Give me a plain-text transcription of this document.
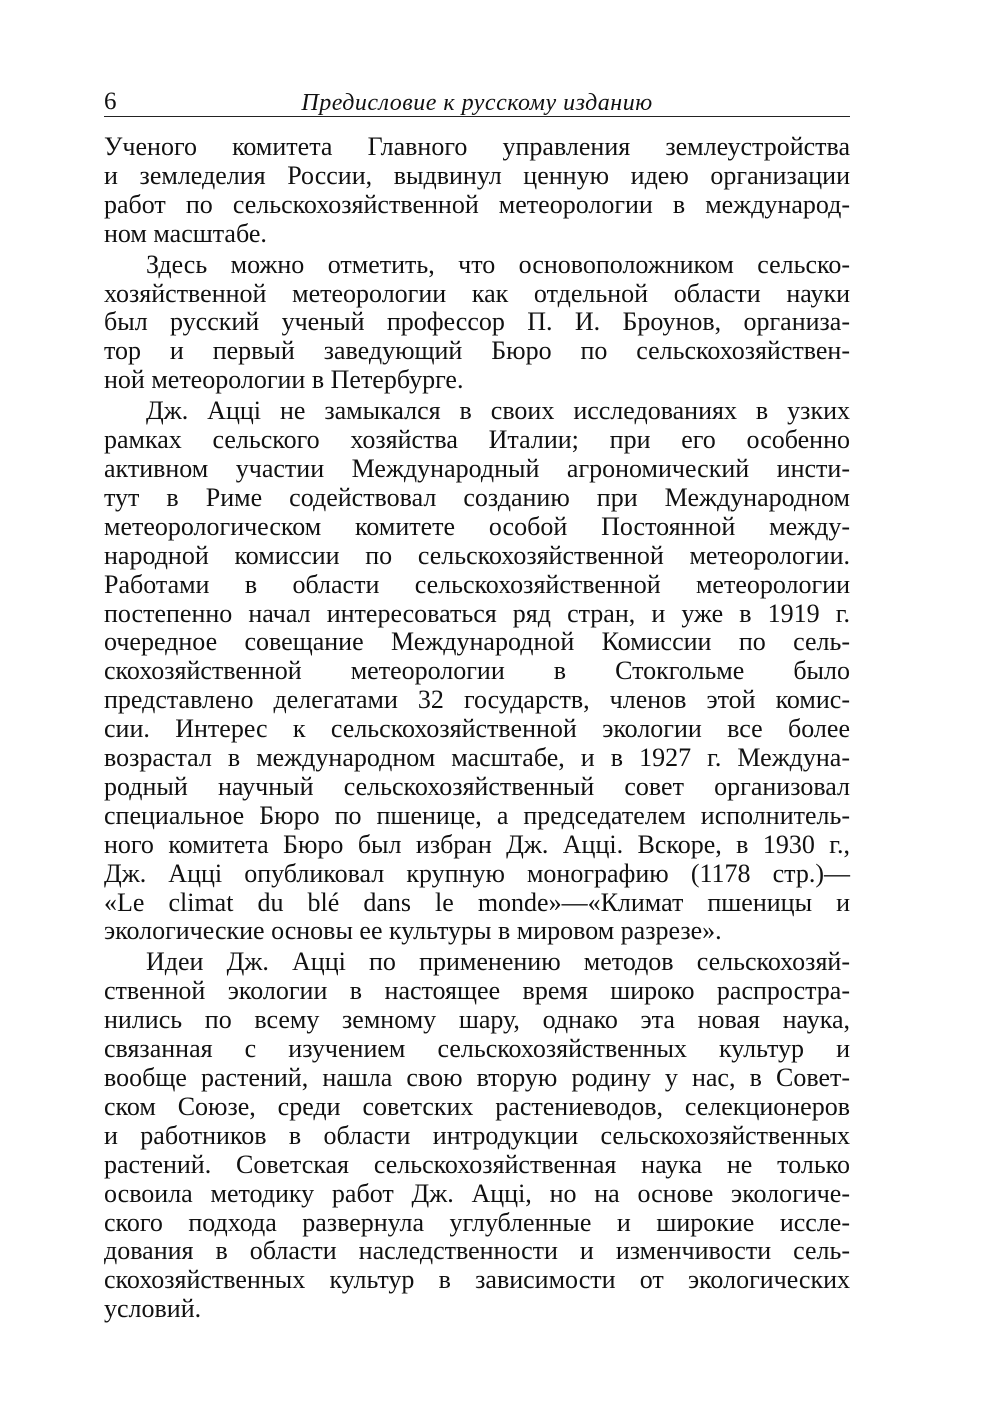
6	Предисловие к русскому изданию

Ученого комитета Главного управления землеустройства
и земледелия России, выдвинул ценную идею организации
работ по сельскохозяйственной метеорологии в международ-
ном масштабе.

Здесь можно отметить, что основоположником сельско-
хозяйственной метеорологии как отдельной области науки
был русский ученый профессор П. И. Броунов, организа-
тор и первый заведующий Бюро по сельскохозяйствен-
ной метеорологии в Петербурге.

Дж. Аццi не замыкался в своих исследованиях в узких
рамках сельского хозяйства Италии; при его особенно
активном участии Международный агрономический инсти-
тут в Риме содействовал созданию при Международном
метеорологическом комитете особой Постоянной между-
народной комиссии по сельскохозяйственной метеорологии.
Работами в области сельскохозяйственной метеорологии
постепенно начал интересоваться ряд стран, и уже в 1919 г.
очередное совещание Международной Комиссии по сель-
скохозяйственной метеорологии в Стокгольме было
представлено делегатами 32 государств, членов этой комис-
сии. Интерес к сельскохозяйственной экологии все более
возрастал в международном масштабе, и в 1927 г. Междуна-
родный научный сельскохозяйственный совет организовал
специальное Бюро по пшенице, а председателем исполнитель-
ного комитета Бюро был избран Дж. Аццi. Вскоре, в 1930 г.,
Дж. Аццi опубликовал крупную монографию (1178 стр.)—
«Le climat du blé dans le monde»—«Климат пшеницы и
экологические основы ее культуры в мировом разрезе».

Идеи Дж. Аццi по применению методов сельскохозяй-
ственной экологии в настоящее время широко распростра-
нились по всему земному шару, однако эта новая наука,
связанная с изучением сельскохозяйственных культур и
вообще растений, нашла свою вторую родину у нас, в Совет-
ском Союзе, среди советских растениеводов, селекционеров
и работников в области интродукции сельскохозяйственных
растений. Советская сельскохозяйственная наука не только
освоила методику работ Дж. Аццi, но на основе экологиче-
ского подхода развернула углубленные и широкие иссле-
дования в области наследственности и изменчивости сель-
скохозяйственных культур в зависимости от экологических
условий.
